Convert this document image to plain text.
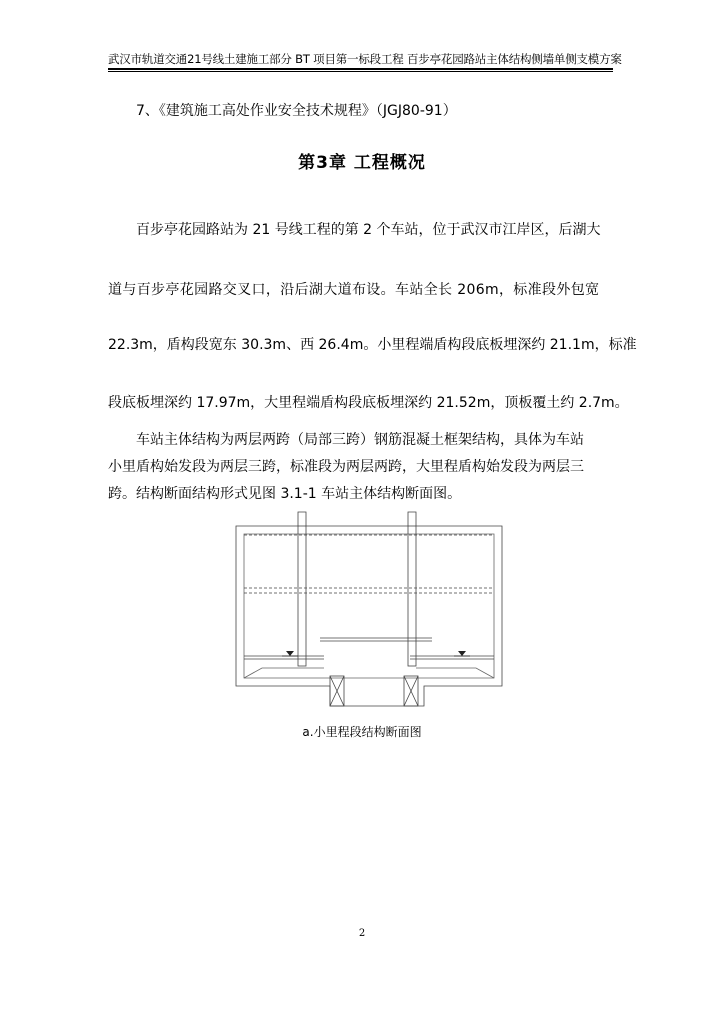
武汉市轨道交通21号线土建施工部分 BT 项目第一标段工程 百步亭花园路站主体结构侧墙单侧支模方案
7、《建筑施工高处作业安全技术规程》（JGJ80-91）
第3章 工程概况
百步亭花园路站为 21 号线工程的第 2 个车站，位于武汉市江岸区，后湖大
道与百步亭花园路交叉口，沿后湖大道布设。车站全长 206m，标准段外包宽
22.3m，盾构段宽东 30.3m、西 26.4m。小里程端盾构段底板埋深约 21.1m，标准
段底板埋深约 17.97m，大里程端盾构段底板埋深约 21.52m，顶板覆土约 2.7m。
车站主体结构为两层两跨（局部三跨）钢筋混凝土框架结构，具体为车站
小里盾构始发段为两层三跨，标准段为两层两跨，大里程盾构始发段为两层三
跨。结构断面结构形式见图 3.1-1 车站主体结构断面图。
a.小里程段结构断面图
2
